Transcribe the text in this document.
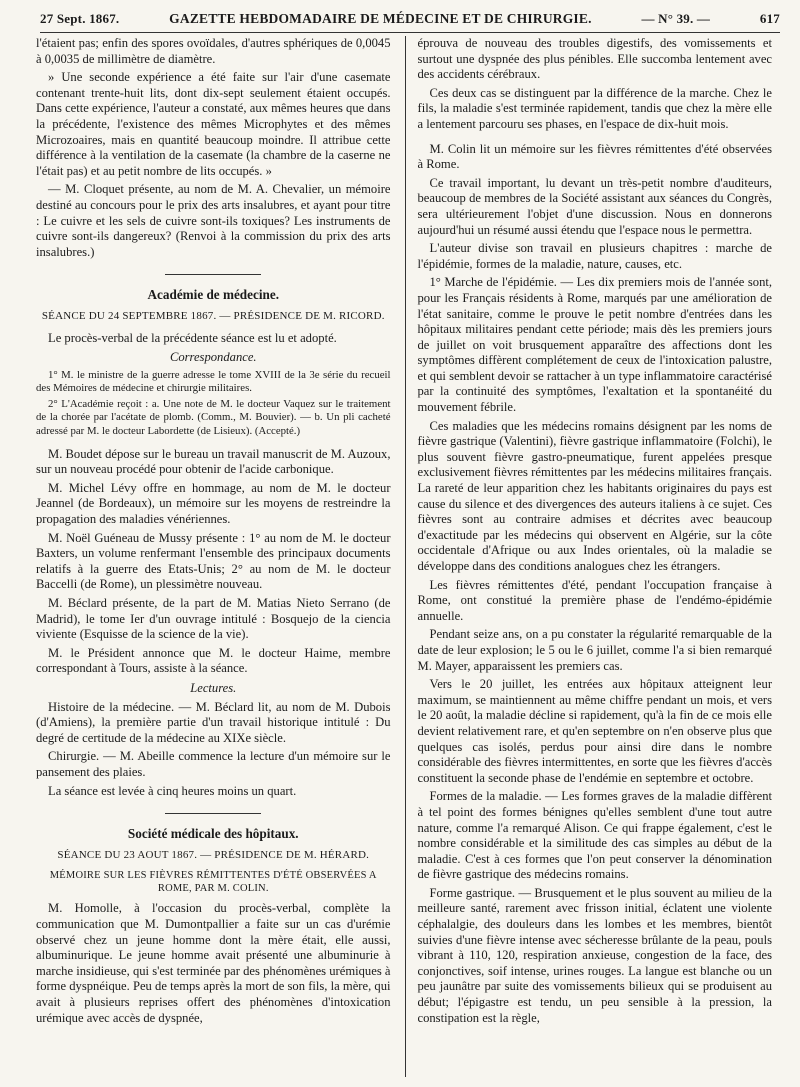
27 Sept. 1867.	GAZETTE HEBDOMADAIRE DE MÉDECINE ET DE CHIRURGIE.	— N° 39. —	617

l'étaient pas; enfin des spores ovoïdales, d'autres sphériques de 0,0045 à 0,0035 de millimètre de diamètre.

» Une seconde expérience a été faite sur l'air d'une casemate contenant trente-huit lits, dont dix-sept seulement étaient occupés. Dans cette expérience, l'auteur a constaté, aux mêmes heures que dans la précédente, l'existence des mêmes Microphytes et des mêmes Microzoaires, mais en quantité beaucoup moindre. Il attribue cette différence à la ventilation de la casemate (la chambre de la caserne ne l'était pas) et au petit nombre de lits occupés. »

— M. Cloquet présente, au nom de M. A. Chevalier, un mémoire destiné au concours pour le prix des arts insalubres, et ayant pour titre : Le cuivre et les sels de cuivre sont-ils toxiques? Les instruments de cuivre sont-ils dangereux? (Renvoi à la commission du prix des arts insalubres.)

Académie de médecine.
SÉANCE DU 24 SEPTEMBRE 1867. — PRÉSIDENCE DE M. RICORD.

Le procès-verbal de la précédente séance est lu et adopté.

Correspondance.

1° M. le ministre de la guerre adresse le tome XVIII de la 3e série du recueil des Mémoires de médecine et chirurgie militaires.

2° L'Académie reçoit : a. Une note de M. le docteur Vaquez sur le traitement de la chorée par l'acétate de plomb. (Comm., M. Bouvier). — b. Un pli cacheté adressé par M. le docteur Labordette (de Lisieux). (Accepté.)

M. Boudet dépose sur le bureau un travail manuscrit de M. Auzoux, sur un nouveau procédé pour obtenir de l'acide carbonique.

M. Michel Lévy offre en hommage, au nom de M. le docteur Jeannel (de Bordeaux), un mémoire sur les moyens de restreindre la propagation des maladies vénériennes.

M. Noël Guéneau de Mussy présente : 1° au nom de M. le docteur Baxters, un volume renfermant l'ensemble des principaux documents relatifs à la guerre des Etats-Unis; 2° au nom de M. le docteur Baccelli (de Rome), un plessimètre nouveau.

M. Béclard présente, de la part de M. Matias Nieto Serrano (de Madrid), le tome Ier d'un ouvrage intitulé : Bosquejo de la ciencia viviente (Esquisse de la science de la vie).

M. le Président annonce que M. le docteur Haime, membre correspondant à Tours, assiste à la séance.

Lectures.

Histoire de la médecine. — M. Béclard lit, au nom de M. Dubois (d'Amiens), la première partie d'un travail historique intitulé : Du degré de certitude de la médecine au XIXe siècle.

Chirurgie. — M. Abeille commence la lecture d'un mémoire sur le pansement des plaies.

La séance est levée à cinq heures moins un quart.

Société médicale des hôpitaux.
SÉANCE DU 23 AOUT 1867. — PRÉSIDENCE DE M. HÉRARD.
MÉMOIRE SUR LES FIÈVRES RÉMITTENTES D'ÉTÉ OBSERVÉES A ROME, PAR M. COLIN.

M. Homolle, à l'occasion du procès-verbal, complète la communication que M. Dumontpallier a faite sur un cas d'urémie observé chez un jeune homme dont la mère était, elle aussi, albuminurique. Le jeune homme avait présenté une albuminurie à marche insidieuse, qui s'est terminée par des phénomènes urémiques à forme dyspnéique. Peu de temps après la mort de son fils, la mère, qui avait à plusieurs reprises offert des phénomènes d'intoxication urémique avec accès de dyspnée,

éprouva de nouveau des troubles digestifs, des vomissements et surtout une dyspnée des plus pénibles. Elle succomba lentement avec des accidents cérébraux.

Ces deux cas se distinguent par la différence de la marche. Chez le fils, la maladie s'est terminée rapidement, tandis que chez la mère elle a lentement parcouru ses phases, en l'espace de dix-huit mois.

M. Colin lit un mémoire sur les fièvres rémittentes d'été observées à Rome.

Ce travail important, lu devant un très-petit nombre d'auditeurs, beaucoup de membres de la Société assistant aux séances du Congrès, sera ultérieurement l'objet d'une discussion. Nous en donnerons aujourd'hui un résumé aussi étendu que l'espace nous le permettra.

L'auteur divise son travail en plusieurs chapitres : marche de l'épidémie, formes de la maladie, nature, causes, etc.

1° Marche de l'épidémie. — Les dix premiers mois de l'année sont, pour les Français résidents à Rome, marqués par une amélioration de l'état sanitaire, comme le prouve le petit nombre d'entrées dans les hôpitaux militaires pendant cette période; mais dès les premiers jours de juillet on voit brusquement apparaître des affections dont les symptômes diffèrent complétement de ceux de l'intoxication palustre, et qui semblent devoir se rattacher à un type inflammatoire caractérisé par la continuité des symptômes, l'exaltation et la spontanéité du mouvement fébrile.

Ces maladies que les médecins romains désignent par les noms de fièvre gastrique (Valentini), fièvre gastrique inflammatoire (Folchi), le plus souvent fièvre gastro-pneumatique, furent appelées presque exclusivement fièvres rémittentes par les médecins militaires français. La rareté de leur apparition chez les habitants originaires du pays est cause du silence et des divergences des auteurs italiens à ce sujet. Ces fièvres sont au contraire admises et décrites avec beaucoup d'exactitude par les médecins qui observent en Algérie, sur la côte occidentale d'Afrique ou aux Indes orientales, où la maladie se développe dans des conditions analogues chez les étrangers.

Les fièvres rémittentes d'été, pendant l'occupation française à Rome, ont constitué la première phase de l'endémo-épidémie annuelle.

Pendant seize ans, on a pu constater la régularité remarquable de la date de leur explosion; le 5 ou le 6 juillet, comme l'a si bien remarqué M. Mayer, apparaissent les premiers cas.

Vers le 20 juillet, les entrées aux hôpitaux atteignent leur maximum, se maintiennent au même chiffre pendant un mois, et vers le 20 août, la maladie décline si rapidement, qu'à la fin de ce mois elle devient relativement rare, et qu'en septembre on n'en observe plus que quelques cas isolés, perdus pour ainsi dire dans le nombre considérable des fièvres intermittentes, en sorte que les fièvres d'accès constituent la seconde phase de l'endémie en septembre et octobre.

Formes de la maladie. — Les formes graves de la maladie diffèrent à tel point des formes bénignes qu'elles semblent d'une tout autre nature, comme l'a remarqué Alison. Ce qui frappe également, c'est le nombre considérable et la similitude des cas simples au début de la maladie. C'est à ces formes que l'on peut conserver la dénomination de fièvre gastrique des médecins romains.

Forme gastrique. — Brusquement et le plus souvent au milieu de la meilleure santé, rarement avec frisson initial, éclatent une violente céphalalgie, des douleurs dans les lombes et les membres, bientôt suivies d'une fièvre intense avec sécheresse brûlante de la peau, pouls vibrant à 110, 120, respiration anxieuse, congestion de la face, des conjonctives, soif intense, urines rouges. La langue est blanche ou un peu jaunâtre par suite des vomissements bilieux qui se produisent au début; l'épigastre est tendu, un peu sensible à la pression, la constipation est la règle,
